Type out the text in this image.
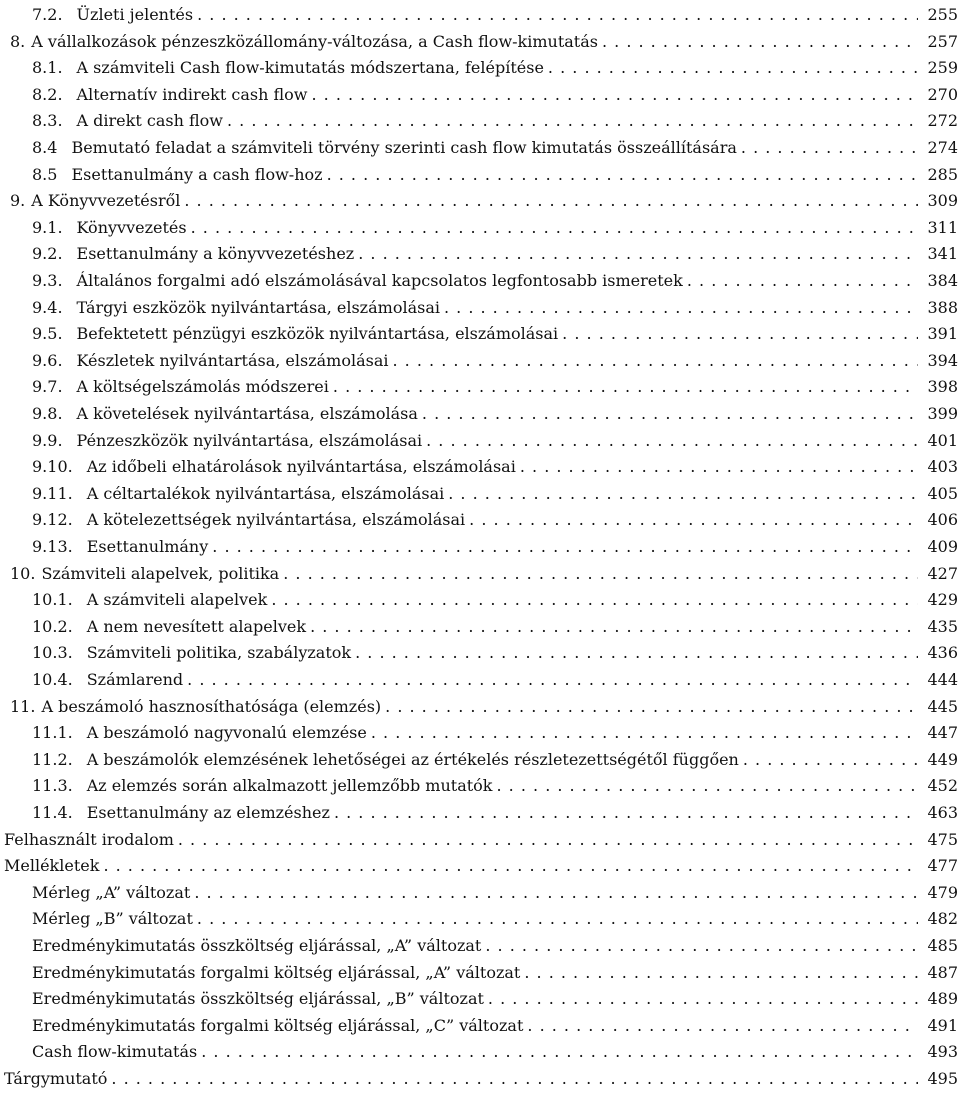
7.2. Üzleti jelentés . . .	255
8. A vállalkozások pénzeszközállomány-változása, a Cash flow-kimutatás . . .	257
8.1. A számviteli Cash flow-kimutatás módszertana, felépítése . . .	259
8.2. Alternatív indirekt cash flow . . .	270
8.3. A direkt cash flow . . .	272
8.4 Bemutató feladat a számviteli törvény szerinti cash flow kimutatás összeállítására . . .	274
8.5 Esettanulmány a cash flow-hoz . . .	285
9. A Könyvvezetésről . . .	309
9.1. Könyvvezetés . . .	311
9.2. Esettanulmány a könyvvezetéshez . . .	341
9.3. Általános forgalmi adó elszámolásával kapcsolatos legfontosabb ismeretek . . .	384
9.4. Tárgyi eszközök nyilvántartása, elszámolásai . . .	388
9.5. Befektetett pénzügyi eszközök nyilvántartása, elszámolásai . . .	391
9.6. Készletek nyilvántartása, elszámolásai . . .	394
9.7. A költségelszámolás módszerei . . .	398
9.8. A követelések nyilvántartása, elszámolása . . .	399
9.9. Pénzeszközök nyilvántartása, elszámolásai . . .	401
9.10. Az időbeli elhatárolások nyilvántartása, elszámolásai . . .	403
9.11. A céltartalékok nyilvántartása, elszámolásai . . .	405
9.12. A kötelezettségek nyilvántartása, elszámolásai . . .	406
9.13. Esettanulmány . . .	409
10. Számviteli alapelvek, politika . . .	427
10.1. A számviteli alapelvek . . .	429
10.2. A nem nevesített alapelvek . . .	435
10.3. Számviteli politika, szabályzatok . . .	436
10.4. Számlarend . . .	444
11. A beszámoló hasznosíthatósága (elemzés) . . .	445
11.1. A beszámoló nagyvonalú elemzése . . .	447
11.2. A beszámolók elemzésének lehetőségei az értékelés részletezettségétől függően . . .	449
11.3. Az elemzés során alkalmazott jellemzőbb mutatók . . .	452
11.4. Esettanulmány az elemzéshez . . .	463
Felhasznált irodalom . . .	475
Mellékletek . . .	477
Mérleg „A” változat . . .	479
Mérleg „B” változat . . .	482
Eredménykimutatás összköltség eljárással, „A” változat . . .	485
Eredménykimutatás forgalmi költség eljárással, „A” változat . . .	487
Eredménykimutatás összköltség eljárással, „B” változat . . .	489
Eredménykimutatás forgalmi költség eljárással, „C” változat . . .	491
Cash flow-kimutatás . . .	493
Tárgymutató . . .	495
